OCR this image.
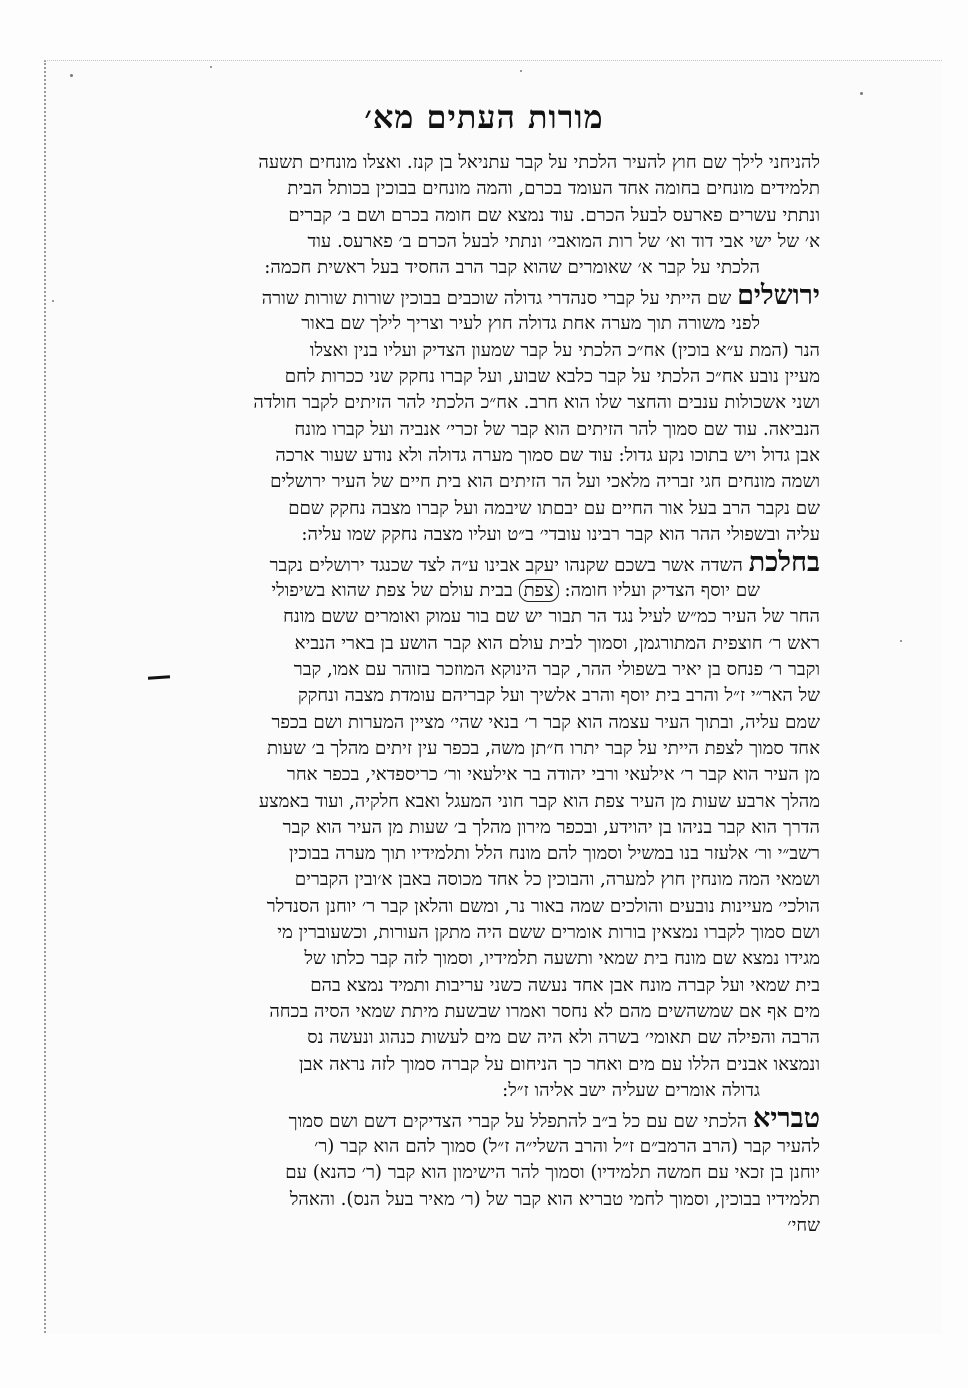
מורות העתים מא׳
להניחני לילך שם חוץ להעיר הלכתי על קבר עתניאל בן קנז. ואצלו מונחים תשעה
תלמידים מונחים בחומה אחד העומד בכרם, והמה מונחים בבוכין בכותל הבית
ונתתי עשרים פארעס לבעל הכרם. עוד נמצא שם חומה בכרם ושם ב׳ קברים
א׳ של ישי אבי דוד וא׳ של רות המואבי׳ ונתתי לבעל הכרם ב׳ פארעס. עוד
הלכתי על קבר א׳ שאומרים שהוא קבר הרב החסיד בעל ראשית חכמה:
ירושלים שם הייתי על קברי סנהדרי גדולה שוכבים בבוכין שורות שורות שורה
לפני משורה תוך מערה אחת גדולה חוץ לעיר וצריך לילך שם באור
הנר (המת ע״א בוכין) אח״כ הלכתי על קבר שמעון הצדיק ועליו בנין ואצלו
מעיין נובע אח״כ הלכתי על קבר כלבא שבוע, ועל קברו נחקק שני ככרות לחם
ושני אשכולות ענבים והחצר שלו הוא חרב. אח״כ הלכתי להר הזיתים לקבר חולדה
הנביאה. עוד שם סמוך להר הזיתים הוא קבר של זכרי׳ אנביה ועל קברו מונח
אבן גדול ויש בתוכו נקע גדול: עוד שם סמוך מערה גדולה ולא נודע שעור ארכה
ושמה מונחים חגי זבריה מלאכי ועל הר הזיתים הוא בית חיים של העיר ירושלים
שם נקבר הרב בעל אור החיים עם יבםתו שיבמה ועל קברו מצבה נחקק שםם
עליה ובשפולי ההר הוא קבר רבינו עובדי׳ ב״ט ועליו מצבה נחקק שמו עליה:
בחלכת השדה אשר בשכם שקנהו יעקב אבינו ע״ה לצד שכנגד ירושלים נקבר
שם יוסף הצדיק ועליו חומה: צפת בבית עולם של צפת שהוא בשיפולי
החר של העיר כמ״ש לעיל נגד הר תבור יש שם בור עמוק ואומרים ששם מונח
ראש ר׳ חוצפית המתורגמן, וסמוך לבית עולם הוא קבר הושע בן בארי הנביא
וקבר ר׳ פנחס בן יאיר בשפולי ההר, קבר הינוקא המוזכר בזוהר עם אמו, קבר
של האר״י ז״ל והרב בית יוסף והרב אלשיך ועל קבריהם עומדת מצבה ונחקק
שמם עליה, ובתוך העיר עצמה הוא קבר ר׳ בנאי שהי׳ מציין המערות ושם בכפר
אחד סמוך לצפת הייתי על קבר יתרו ח״תן משה, בכפר עין זיתים מהלך ב׳ שעות
מן העיר הוא קבר ר׳ אילעאי ורבי יהודה בר אילעאי ור׳ כריספדאי, בכפר אחר
מהלך ארבע שעות מן העיר צפת הוא קבר חוני המעגל ואבא חלקיה, ועוד באמצע
הדרך הוא קבר בניהו בן יהוידע, ובכפר מירון מהלך ב׳ שעות מן העיר הוא קבר
רשב״י ור׳ אלעזר בנו במשיל וסמוך להם מונח הלל ותלמידיו תוך מערה בבוכין
ושמאי המה מונחין חוץ למערה, והבוכין כל אחד מכוסה באבן א׳ובין הקברים
הולכי׳ מעיינות נובעים והולכים שמה באור נר, ומשם והלאן קבר ר׳ יוחנן הסנדלר
ושם סמוך לקברו נמצאין בורות אומרים ששם היה מתקן העורות, וכשעוברין מי
מגידו נמצא שם מונח בית שמאי ותשעה תלמידיו, וסמוך לזה קבר כלתו של
בית שמאי ועל קברה מונח אבן אחד נעשה כשני עריבות ותמיד נמצא בהם
מים אף אם שמשהשים מהם לא נחסר ואמרו שבשעת מיתת שמאי הסיה בכחה
הרבה והפילה שם תאומי׳ בשרה ולא היה שם מים לעשות כנהוג ונעשה נס
ונמצאו אבנים הללו עם מים ואחר כך הניחום על קברה סמוך לזה נראה אבן
גדולה אומרים שעליה ישב אליהו ז״ל:
טבריא הלכתי שם עם כל ב״ב להתפלל על קברי הצדיקים דשם ושם סמוך
להעיר קבר (הרב הרמב״ם ז״ל והרב השלי״ה ז״ל) סמוך להם הוא קבר (ר׳
יוחנן בן זכאי עם חמשה תלמידיו) וסמוך להר הישימון הוא קבר (ר׳ כהנא) עם
תלמידיו בבוכין, וסמוך לחמי טבריא הוא קבר של (ר׳ מאיר בעל הנס). והאהל
שחי׳
